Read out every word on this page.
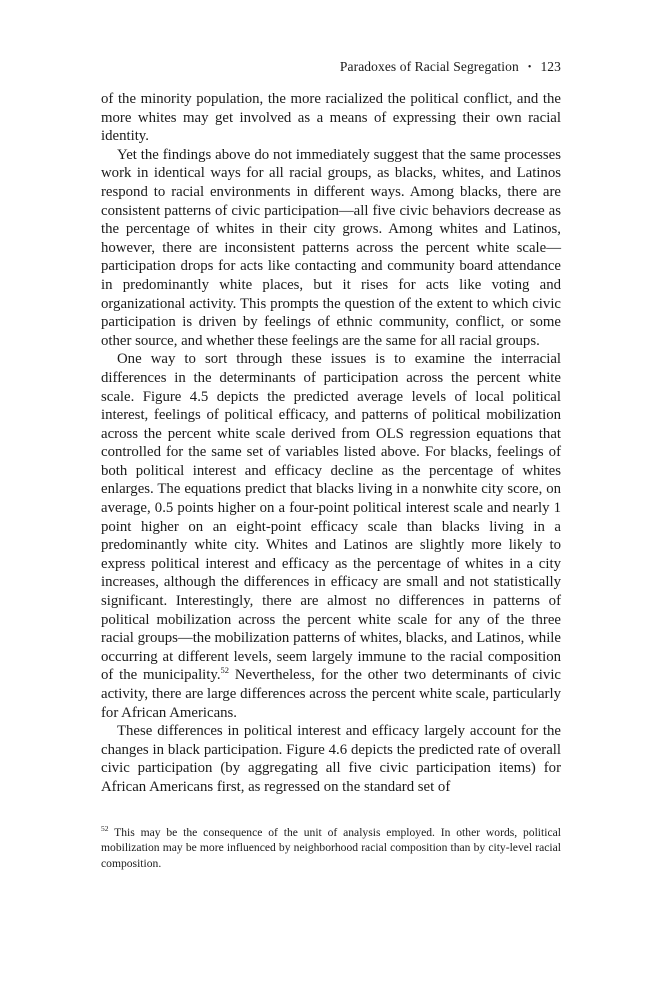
Paradoxes of Racial Segregation • 123

of the minority population, the more racialized the political conflict, and the more whites may get involved as a means of expressing their own racial identity.

Yet the findings above do not immediately suggest that the same processes work in identical ways for all racial groups, as blacks, whites, and Latinos respond to racial environments in different ways. Among blacks, there are consistent patterns of civic participation—all five civic behaviors decrease as the percentage of whites in their city grows. Among whites and Latinos, however, there are inconsistent patterns across the percent white scale—participation drops for acts like contacting and community board attendance in predominantly white places, but it rises for acts like voting and organizational activity. This prompts the question of the extent to which civic participation is driven by feelings of ethnic community, conflict, or some other source, and whether these feelings are the same for all racial groups.

One way to sort through these issues is to examine the interracial differences in the determinants of participation across the percent white scale. Figure 4.5 depicts the predicted average levels of local political interest, feelings of political efficacy, and patterns of political mobilization across the percent white scale derived from OLS regression equations that controlled for the same set of variables listed above. For blacks, feelings of both political interest and efficacy decline as the percentage of whites enlarges. The equations predict that blacks living in a nonwhite city score, on average, 0.5 points higher on a four-point political interest scale and nearly 1 point higher on an eight-point efficacy scale than blacks living in a predominantly white city. Whites and Latinos are slightly more likely to express political interest and efficacy as the percentage of whites in a city increases, although the differences in efficacy are small and not statistically significant. Interestingly, there are almost no differences in patterns of political mobilization across the percent white scale for any of the three racial groups—the mobilization patterns of whites, blacks, and Latinos, while occurring at different levels, seem largely immune to the racial composition of the municipality.$^{52}$ Nevertheless, for the other two determinants of civic activity, there are large differences across the percent white scale, particularly for African Americans.

These differences in political interest and efficacy largely account for the changes in black participation. Figure 4.6 depicts the predicted rate of overall civic participation (by aggregating all five civic participation items) for African Americans first, as regressed on the standard set of

$^{52}$ This may be the consequence of the unit of analysis employed. In other words, political mobilization may be more influenced by neighborhood racial composition than by city-level racial composition.
